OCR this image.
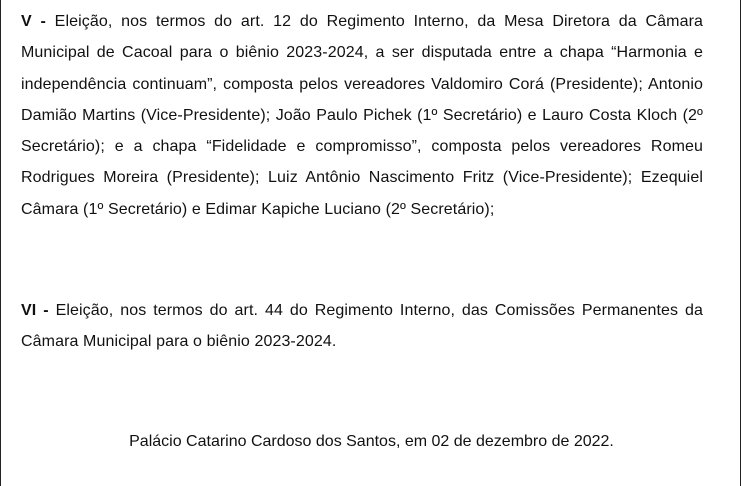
V - Eleição, nos termos do art. 12 do Regimento Interno, da Mesa Diretora da Câmara Municipal de Cacoal para o biênio 2023-2024, a ser disputada entre a chapa “Harmonia e independência continuam”, composta pelos vereadores Valdomiro Corá (Presidente); Antonio Damião Martins (Vice-Presidente); João Paulo Pichek (1º Secretário) e Lauro Costa Kloch (2º Secretário); e a chapa “Fidelidade e compromisso”, composta pelos vereadores Romeu Rodrigues Moreira (Presidente); Luiz Antônio Nascimento Fritz (Vice-Presidente); Ezequiel Câmara (1º Secretário) e Edimar Kapiche Luciano (2º Secretário);

VI - Eleição, nos termos do art. 44 do Regimento Interno, das Comissões Permanentes da Câmara Municipal para o biênio 2023-2024.

Palácio Catarino Cardoso dos Santos, em 02 de dezembro de 2022.
